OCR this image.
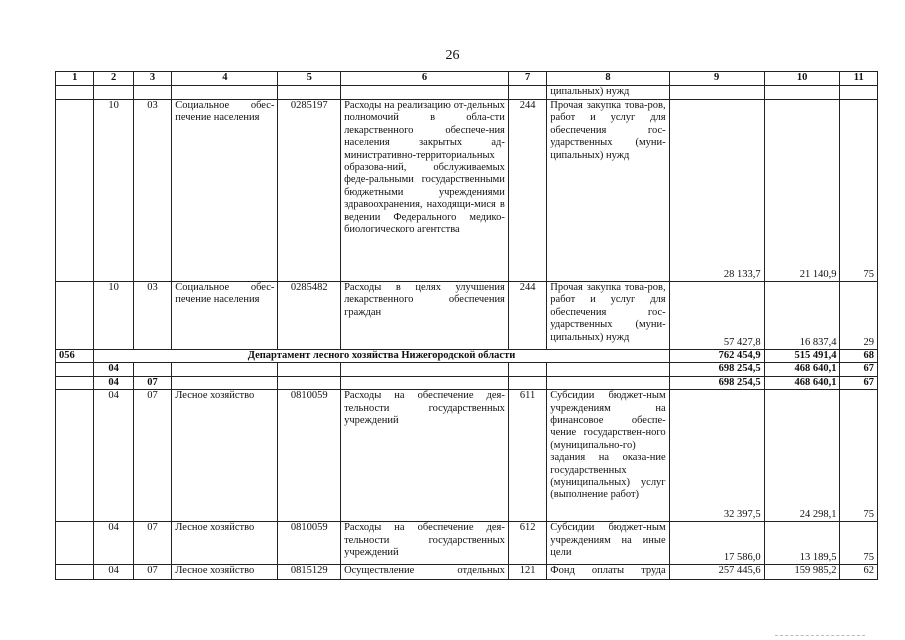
26
1	2	3	4	5	6	7	8	9	10	11
							ципальных) нужд			
	10	03	Социальное обес-печение населения	0285197	Расходы на реализацию от-дельных полномочий в обла-сти лекарственного обеспече-ния населения закрытых ад-министративно-территориальных образова-ний, обслуживаемых феде-ральными государственными бюджетными учреждениями здравоохранения, находящи-мися в ведении Федерального медико-биологического агентства	244	Прочая закупка това-ров, работ и услуг для обеспечения гос-ударственных (муни-ципальных) нужд	28 133,7	21 140,9	75
	10	03	Социальное обес-печение населения	0285482	Расходы в целях улучшения лекарственного обеспечения граждан	244	Прочая закупка това-ров, работ и услуг для обеспечения гос-ударственных (муни-ципальных) нужд	57 427,8	16 837,4	29
056	Департамент лесного хозяйства Нижегородской области							762 454,9	515 491,4	68
	04							698 254,5	468 640,1	67
	04	07						698 254,5	468 640,1	67
	04	07	Лесное хозяйство	0810059	Расходы на обеспечение дея-тельности государственных учреждений	611	Субсидии бюджет-ным учреждениям на финансовое обеспе-чение государствен-ного (муниципально-го) задания на оказа-ние государственных (муниципальных) услуг (выполнение работ)	32 397,5	24 298,1	75
	04	07	Лесное хозяйство	0810059	Расходы на обеспечение дея-тельности государственных учреждений	612	Субсидии бюджет-ным учреждениям на иные цели	17 586,0	13 189,5	75
	04	07	Лесное хозяйство	0815129	Осуществление отдельных	121	Фонд оплаты труда	257 445,6	159 985,2	62
